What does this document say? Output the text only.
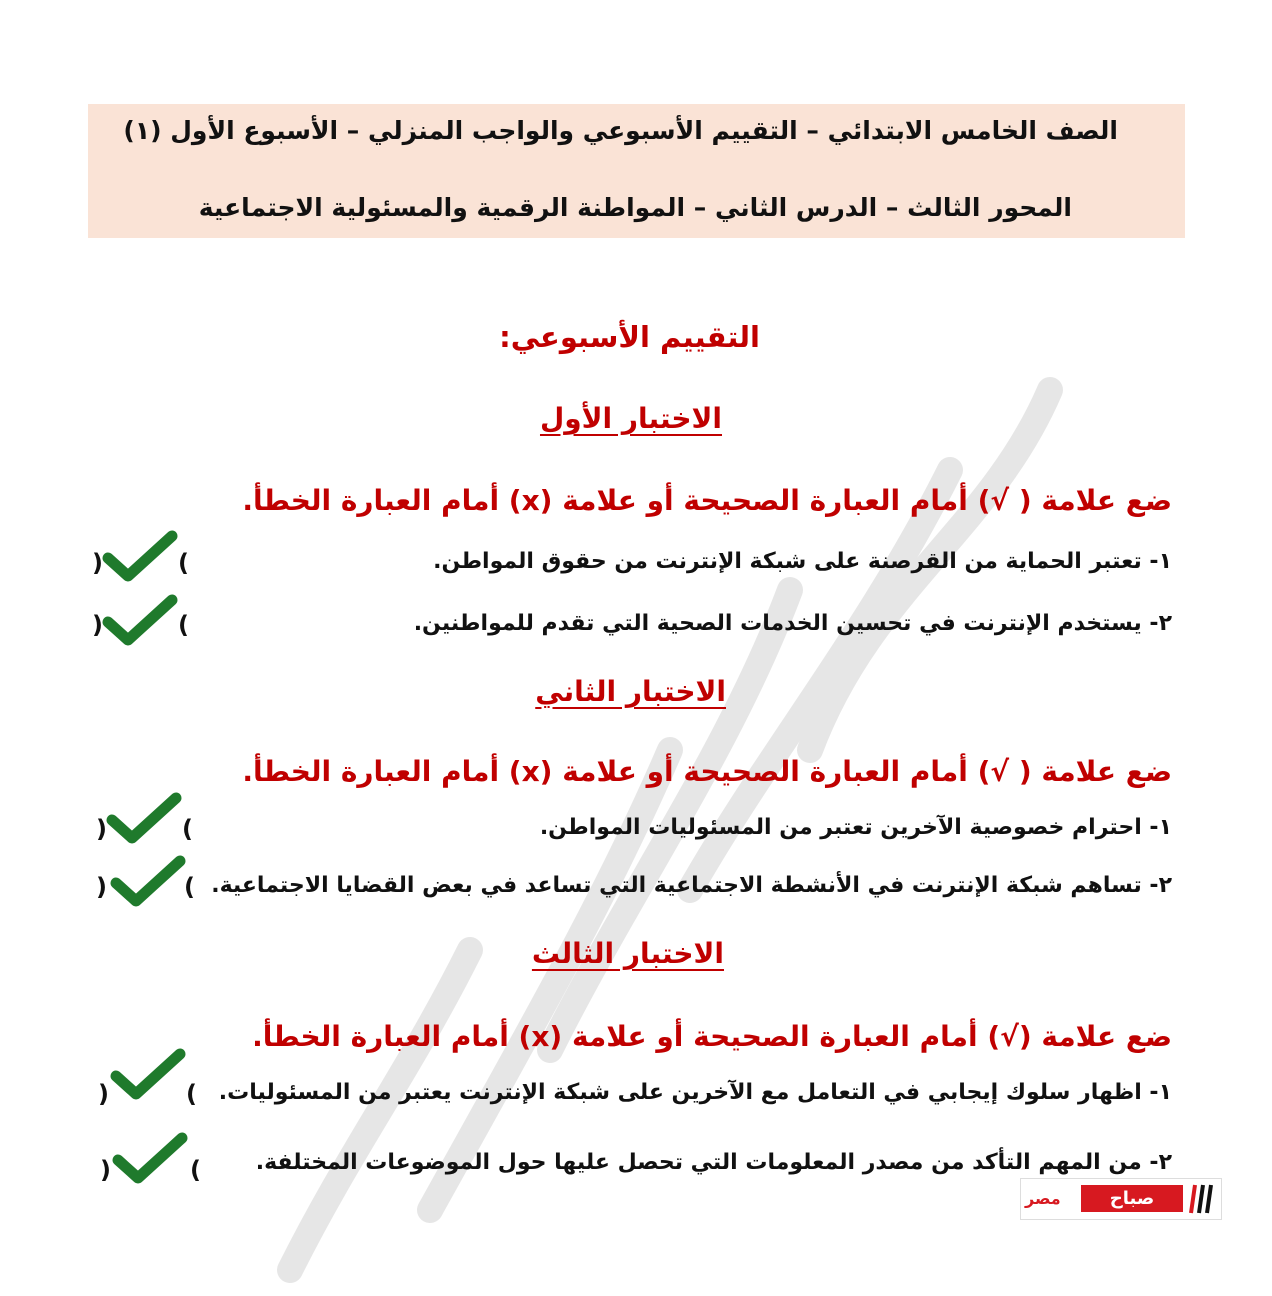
الصف الخامس الابتدائي – التقييم الأسبوعي والواجب المنزلي – الأسبوع الأول (١)
المحور الثالث – الدرس الثاني – المواطنة الرقمية والمسئولية الاجتماعية
التقييم الأسبوعي:
الاختبار الأول
ضع علامة ( √) أمام العبارة الصحيحة أو علامة (x) أمام العبارة الخطأ.
١- تعتبر الحماية من القرصنة على شبكة الإنترنت من حقوق المواطن.
٢- يستخدم الإنترنت في تحسين الخدمات الصحية التي تقدم للمواطنين.
الاختبار الثاني
ضع علامة ( √) أمام العبارة الصحيحة أو علامة (x) أمام العبارة الخطأ.
١- احترام خصوصية الآخرين تعتبر من المسئوليات المواطن.
٢- تساهم شبكة الإنترنت في الأنشطة الاجتماعية التي تساعد في بعض القضايا الاجتماعية.
الاختبار الثالث
ضع علامة (√) أمام العبارة الصحيحة أو علامة (x) أمام العبارة الخطأ.
١- اظهار سلوك إيجابي في التعامل مع الآخرين على شبكة الإنترنت يعتبر من المسئوليات.
٢- من المهم التأكد من مصدر المعلومات التي تحصل عليها حول الموضوعات المختلفة.
(	)
(	)
(	)
(	)
(	)
(	)
مصر	صباح
